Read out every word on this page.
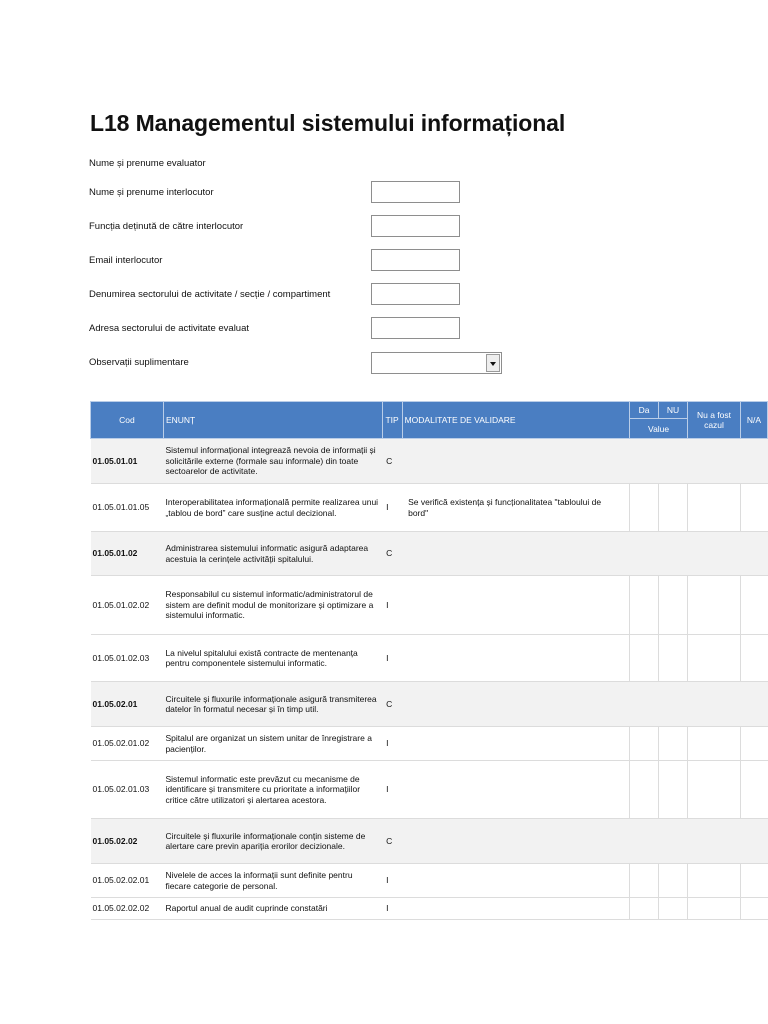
L18 Managementul sistemului informațional
Nume și prenume evaluator
Nume și prenume interlocutor
Funcția deținută de către interlocutor
Email interlocutor
Denumirea sectorului de activitate / secție / compartiment
Adresa sectorului de activitate evaluat
Observații suplimentare
Cod	ENUNȚ	TIP	MODALITATE DE VALIDARE	Da	NU	Nu a fost cazul	N/A
				Value			
01.05.01.01	Sistemul informațional integrează nevoia de informații și solicitările externe (formale sau informale) din toate sectoarelor de activitate.	C					
01.05.01.01.05	Interoperabilitatea informațională permite realizarea unui „tablou de bord” care susține actul decizional.	I	Se verifică existența și funcționalitatea "tabloului de bord"				
01.05.01.02	Administrarea sistemului informatic asigură adaptarea acestuia la cerințele activității spitalului.	C					
01.05.01.02.02	Responsabilul cu sistemul informatic/administratorul de sistem are definit modul de monitorizare și optimizare a sistemului informatic.	I					
01.05.01.02.03	La nivelul spitalului există contracte de mentenanța pentru componentele sistemului informatic.	I					
01.05.02.01	Circuitele și fluxurile informaționale asigură transmiterea datelor în formatul necesar și în timp util.	C					
01.05.02.01.02	Spitalul are organizat un sistem unitar de înregistrare a pacienților.	I					
01.05.02.01.03	Sistemul informatic este prevăzut cu mecanisme de identificare și transmitere cu prioritate a informațiilor critice către utilizatori și alertarea acestora.	I					
01.05.02.02	Circuitele și fluxurile informaționale conțin sisteme de alertare care previn apariția erorilor decizionale.	C					
01.05.02.02.01	Nivelele de acces la informații sunt definite pentru fiecare categorie de personal.	I					
01.05.02.02.02	Raportul anual de audit cuprinde constatări	I					
